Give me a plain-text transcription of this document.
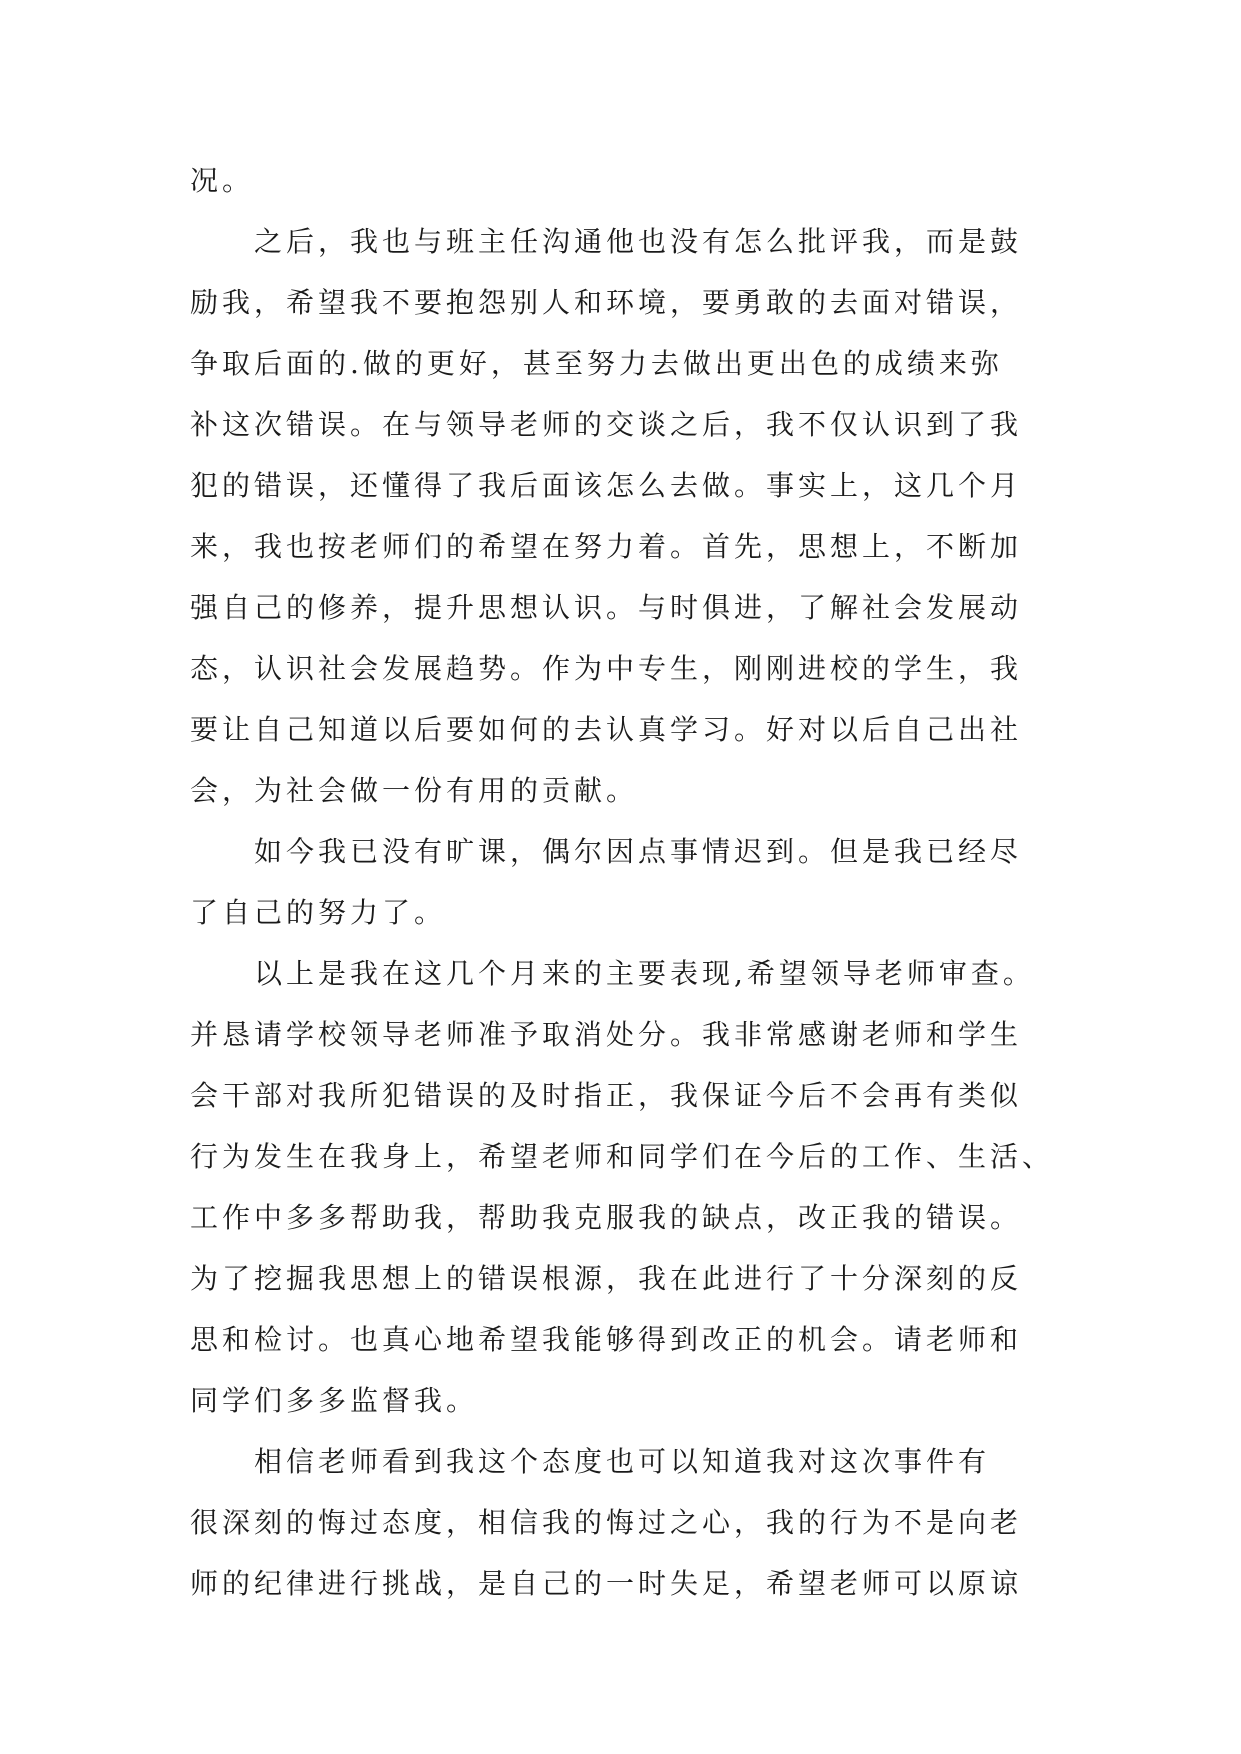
况。
之后，我也与班主任沟通他也没有怎么批评我，而是鼓
励我，希望我不要抱怨别人和环境，要勇敢的去面对错误，
争取后面的.做的更好，甚至努力去做出更出色的成绩来弥
补这次错误。在与领导老师的交谈之后，我不仅认识到了我
犯的错误，还懂得了我后面该怎么去做。事实上，这几个月
来，我也按老师们的希望在努力着。首先，思想上，不断加
强自己的修养，提升思想认识。与时俱进，了解社会发展动
态，认识社会发展趋势。作为中专生，刚刚进校的学生，我
要让自己知道以后要如何的去认真学习。好对以后自己出社
会，为社会做一份有用的贡献。
如今我已没有旷课，偶尔因点事情迟到。但是我已经尽
了自己的努力了。
以上是我在这几个月来的主要表现,希望领导老师审查。
并恳请学校领导老师准予取消处分。我非常感谢老师和学生
会干部对我所犯错误的及时指正，我保证今后不会再有类似
行为发生在我身上，希望老师和同学们在今后的工作、生活、
工作中多多帮助我，帮助我克服我的缺点，改正我的错误。
为了挖掘我思想上的错误根源，我在此进行了十分深刻的反
思和检讨。也真心地希望我能够得到改正的机会。请老师和
同学们多多监督我。
相信老师看到我这个态度也可以知道我对这次事件有
很深刻的悔过态度，相信我的悔过之心，我的行为不是向老
师的纪律进行挑战，是自己的一时失足，希望老师可以原谅
